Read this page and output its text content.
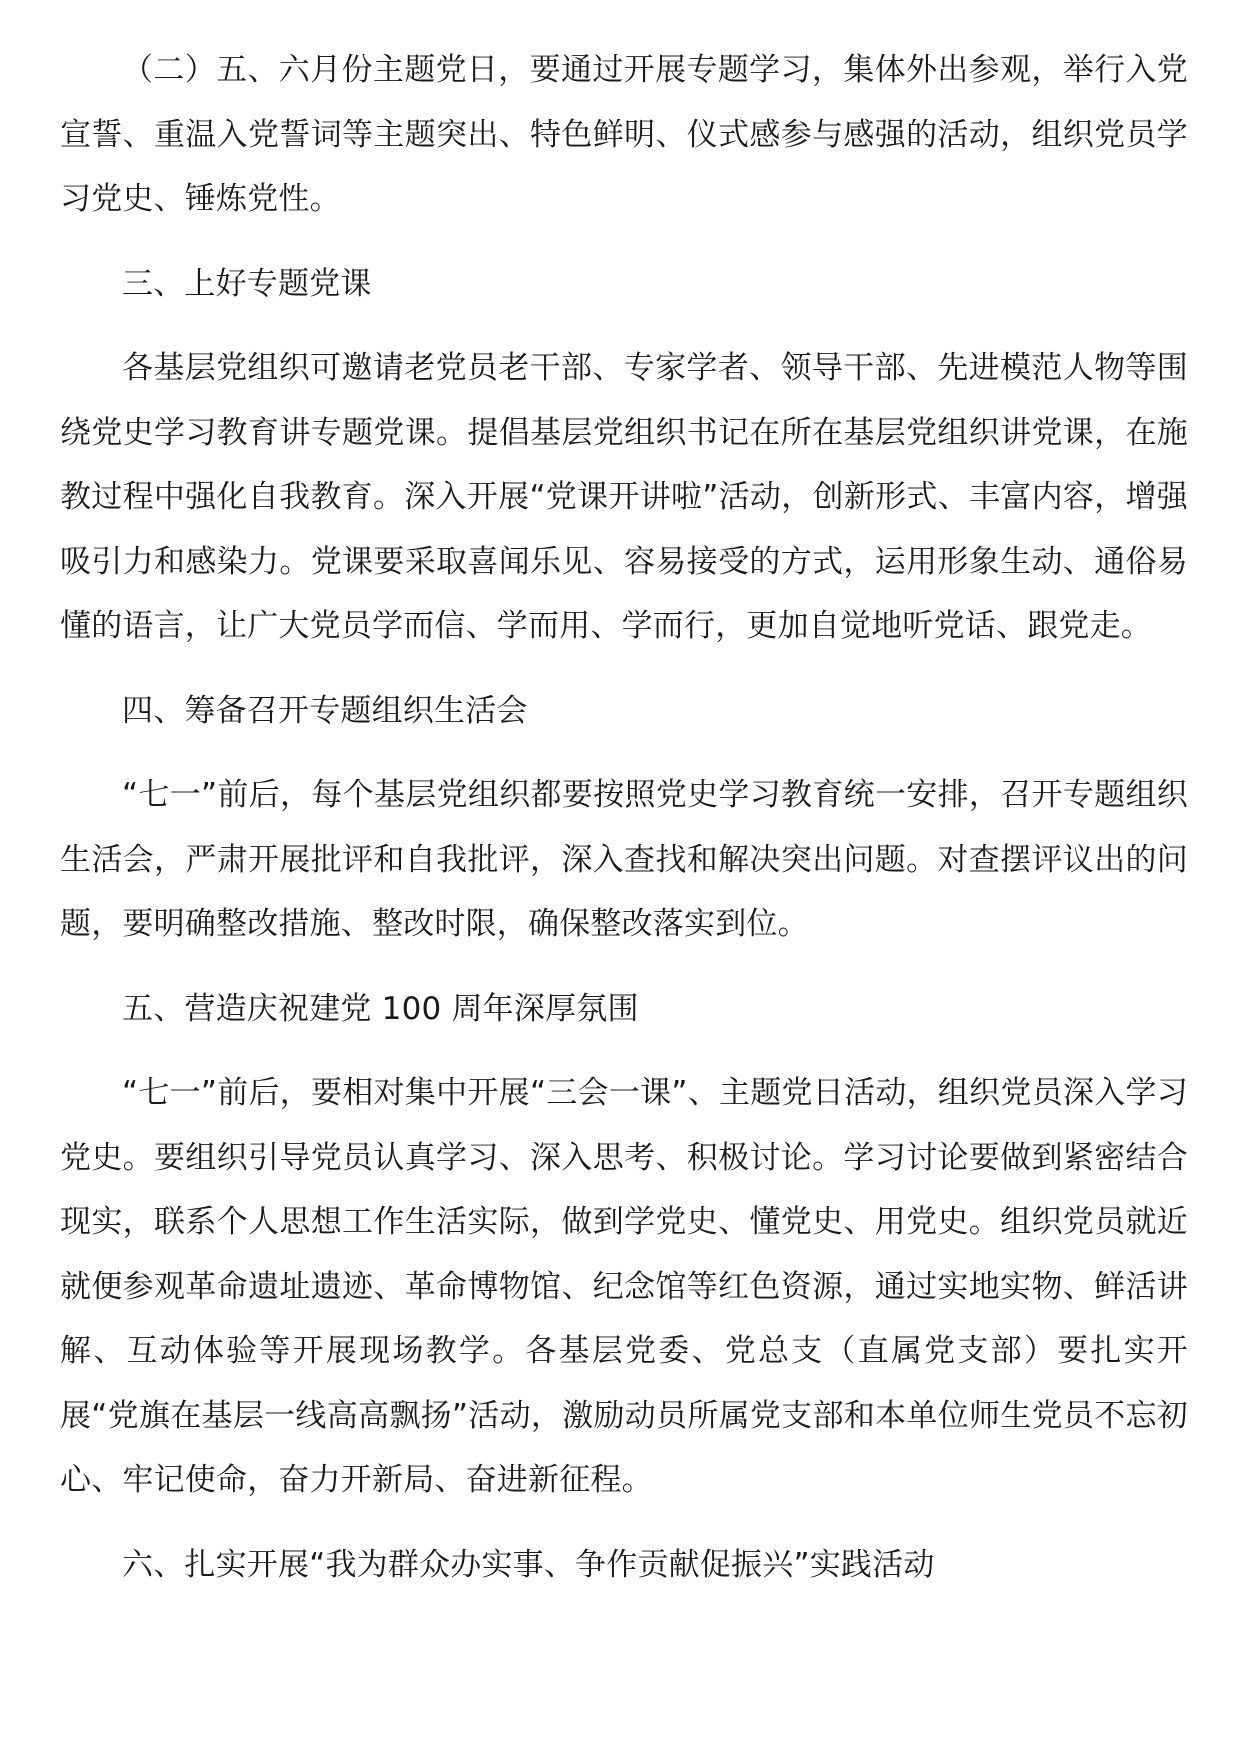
（二）五、六月份主题党日，要通过开展专题学习，集体外出参观，举行入党宣誓、重温入党誓词等主题突出、特色鲜明、仪式感参与感强的活动，组织党员学习党史、锤炼党性。

三、上好专题党课

各基层党组织可邀请老党员老干部、专家学者、领导干部、先进模范人物等围绕党史学习教育讲专题党课。提倡基层党组织书记在所在基层党组织讲党课，在施教过程中强化自我教育。深入开展“党课开讲啦”活动，创新形式、丰富内容，增强吸引力和感染力。党课要采取喜闻乐见、容易接受的方式，运用形象生动、通俗易懂的语言，让广大党员学而信、学而用、学而行，更加自觉地听党话、跟党走。

四、筹备召开专题组织生活会

“七一”前后，每个基层党组织都要按照党史学习教育统一安排，召开专题组织生活会，严肃开展批评和自我批评，深入查找和解决突出问题。对查摆评议出的问题，要明确整改措施、整改时限，确保整改落实到位。

五、营造庆祝建党 100 周年深厚氛围

“七一”前后，要相对集中开展“三会一课”、主题党日活动，组织党员深入学习党史。要组织引导党员认真学习、深入思考、积极讨论。学习讨论要做到紧密结合现实，联系个人思想工作生活实际，做到学党史、懂党史、用党史。组织党员就近就便参观革命遗址遗迹、革命博物馆、纪念馆等红色资源，通过实地实物、鲜活讲解、互动体验等开展现场教学。各基层党委、党总支（直属党支部）要扎实开展“党旗在基层一线高高飘扬”活动，激励动员所属党支部和本单位师生党员不忘初心、牢记使命，奋力开新局、奋进新征程。

六、扎实开展“我为群众办实事、争作贡献促振兴”实践活动
